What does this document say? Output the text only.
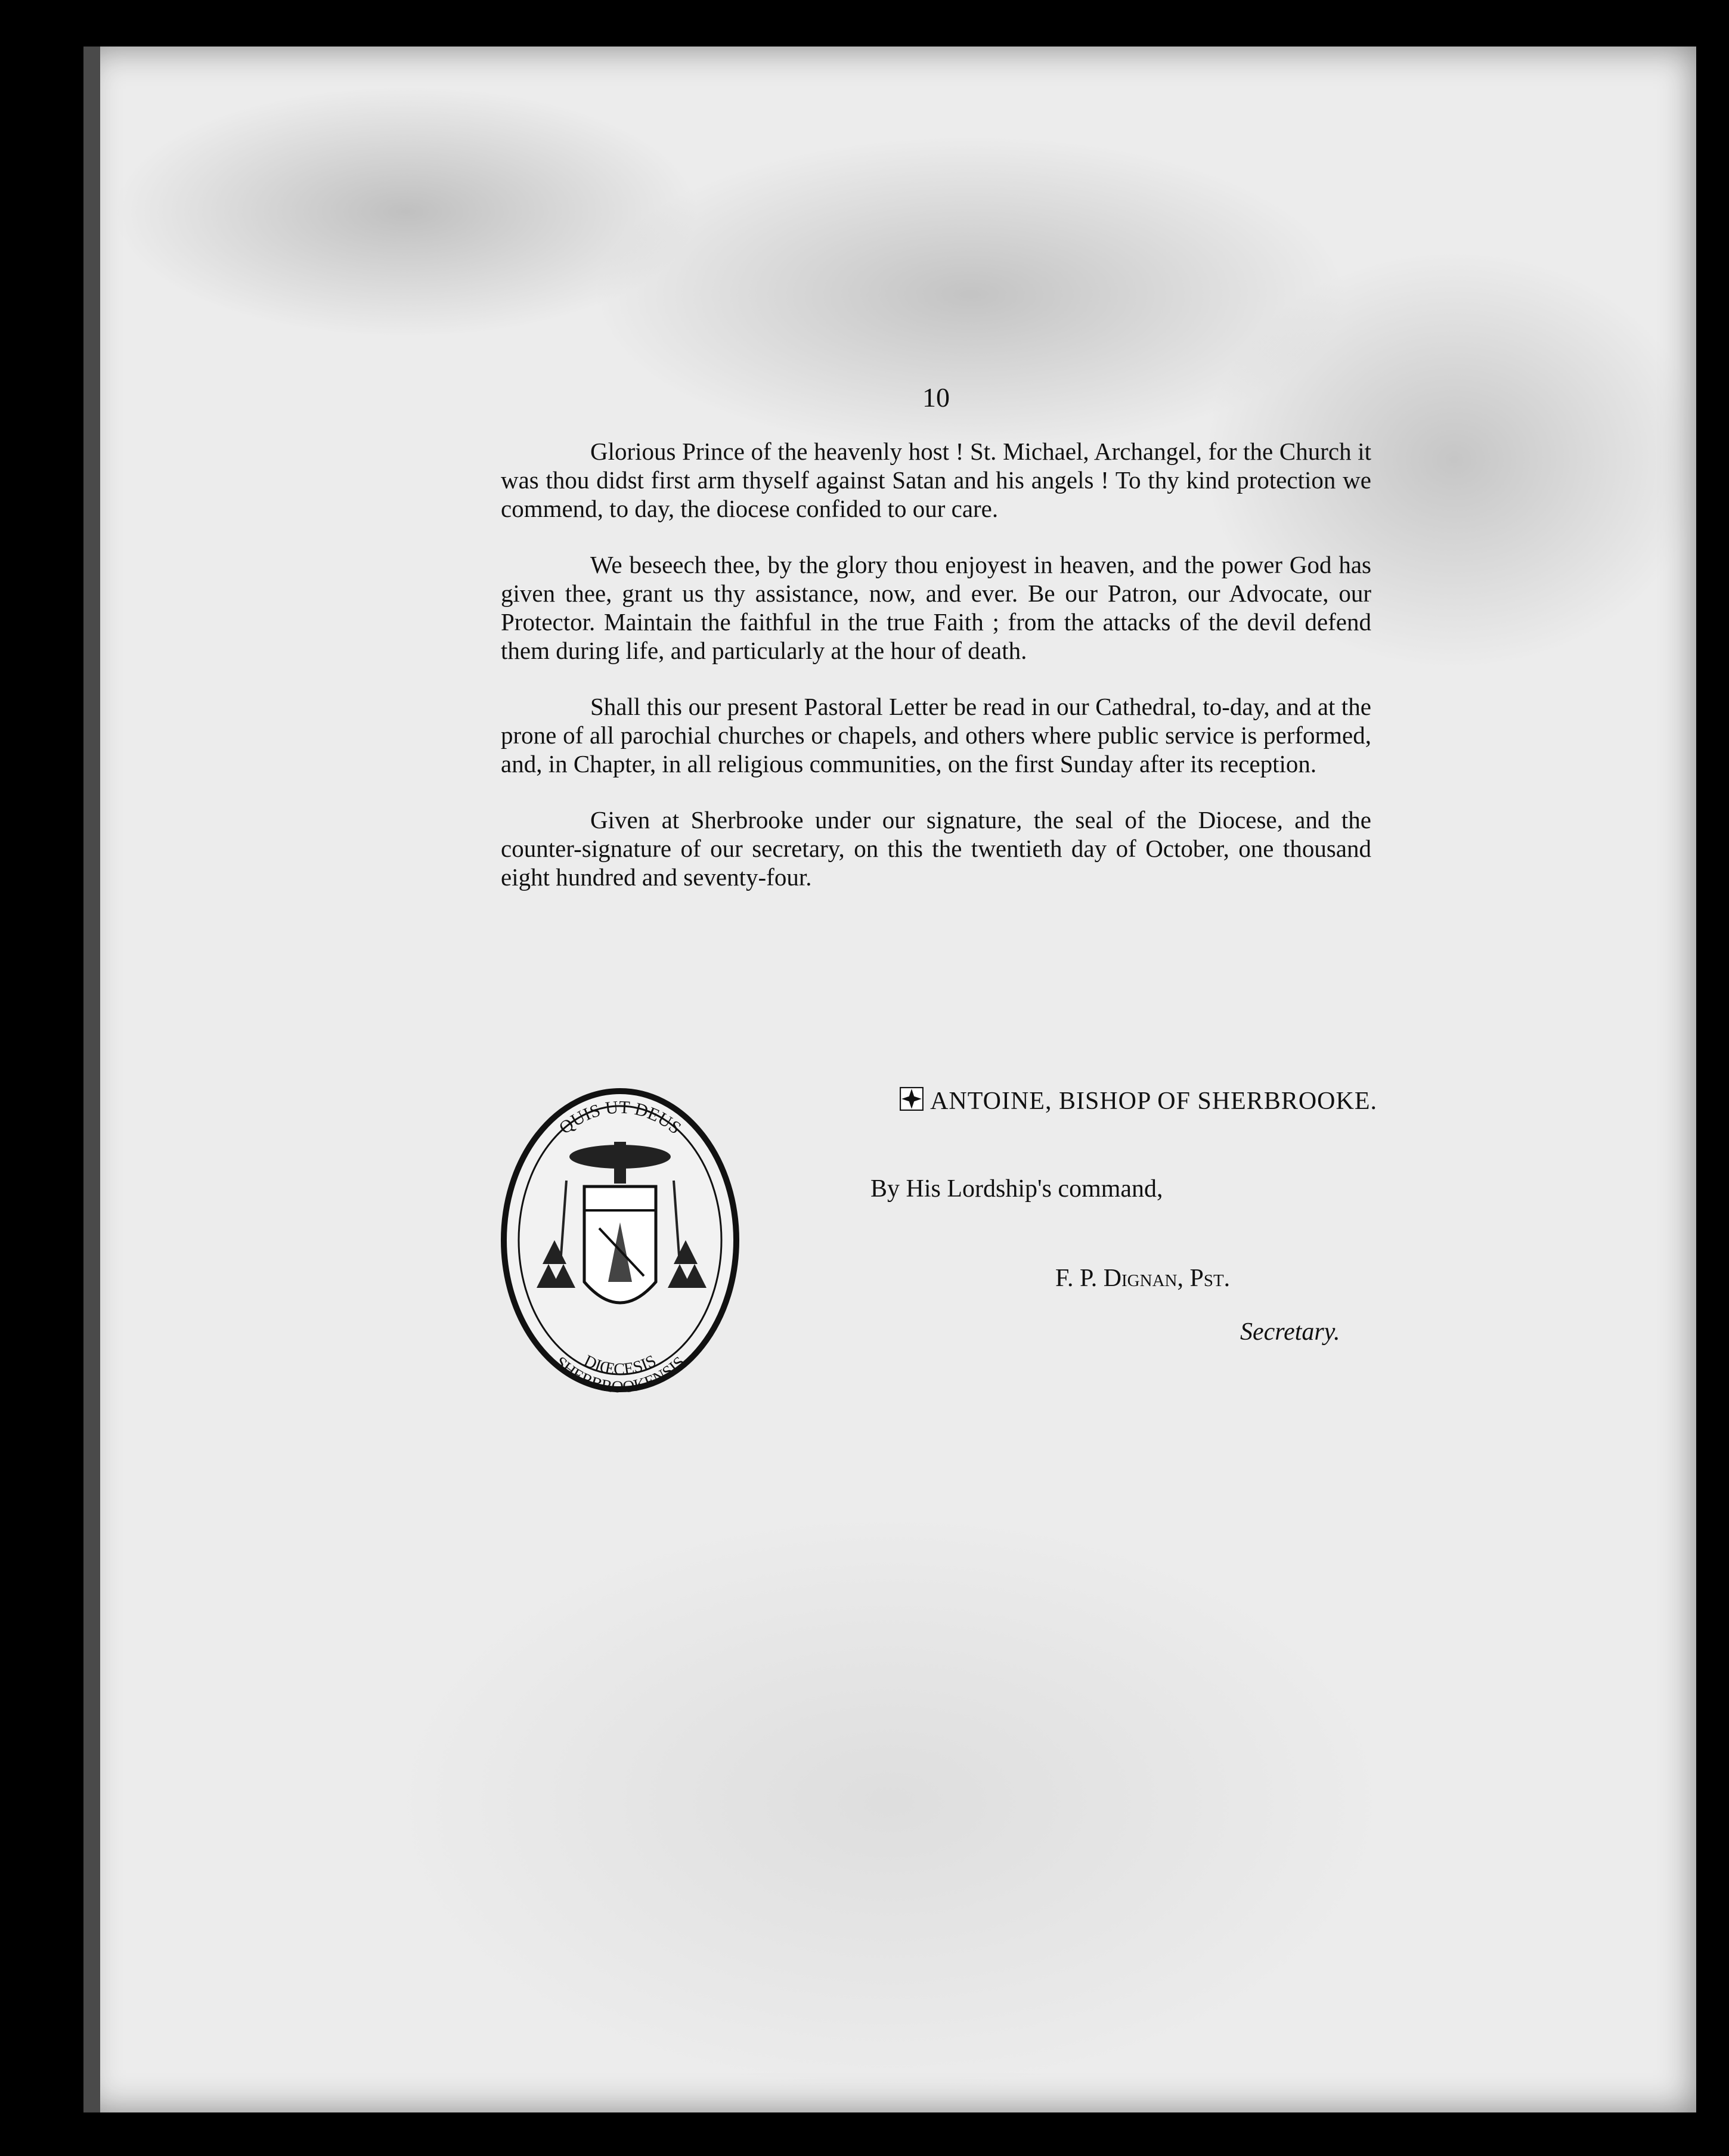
10

Glorious Prince of the heavenly host ! St. Michael, Archangel, for the Church it was thou didst first arm thyself against Satan and his angels ! To thy kind protection we commend, to day, the diocese confided to our care.

We beseech thee, by the glory thou enjoyest in heaven, and the power God has given thee, grant us thy assistance, now, and ever. Be our Patron, our Advocate, our Protector. Maintain the faithful in the true Faith ; from the attacks of the devil defend them during life, and particularly at the hour of death.

Shall this our present Pastoral Letter be read in our Cathedral, to-day, and at the prone of all parochial churches or chapels, and others where public service is performed, and, in Chapter, in all religious communities, on the first Sunday after its reception.

Given at Sherbrooke under our signature, the seal of the Diocese, and the counter-signature of our secretary, on this the twentieth day of October, one thousand eight hundred and seventy-four.

QUIS UT DEUS
DIŒCESIS
SHERBROOKENSIS
ANTOINE, BISHOP OF SHERBROOKE.
By His Lordship's command,
F. P. Dignan, Pst.
Secretary.
